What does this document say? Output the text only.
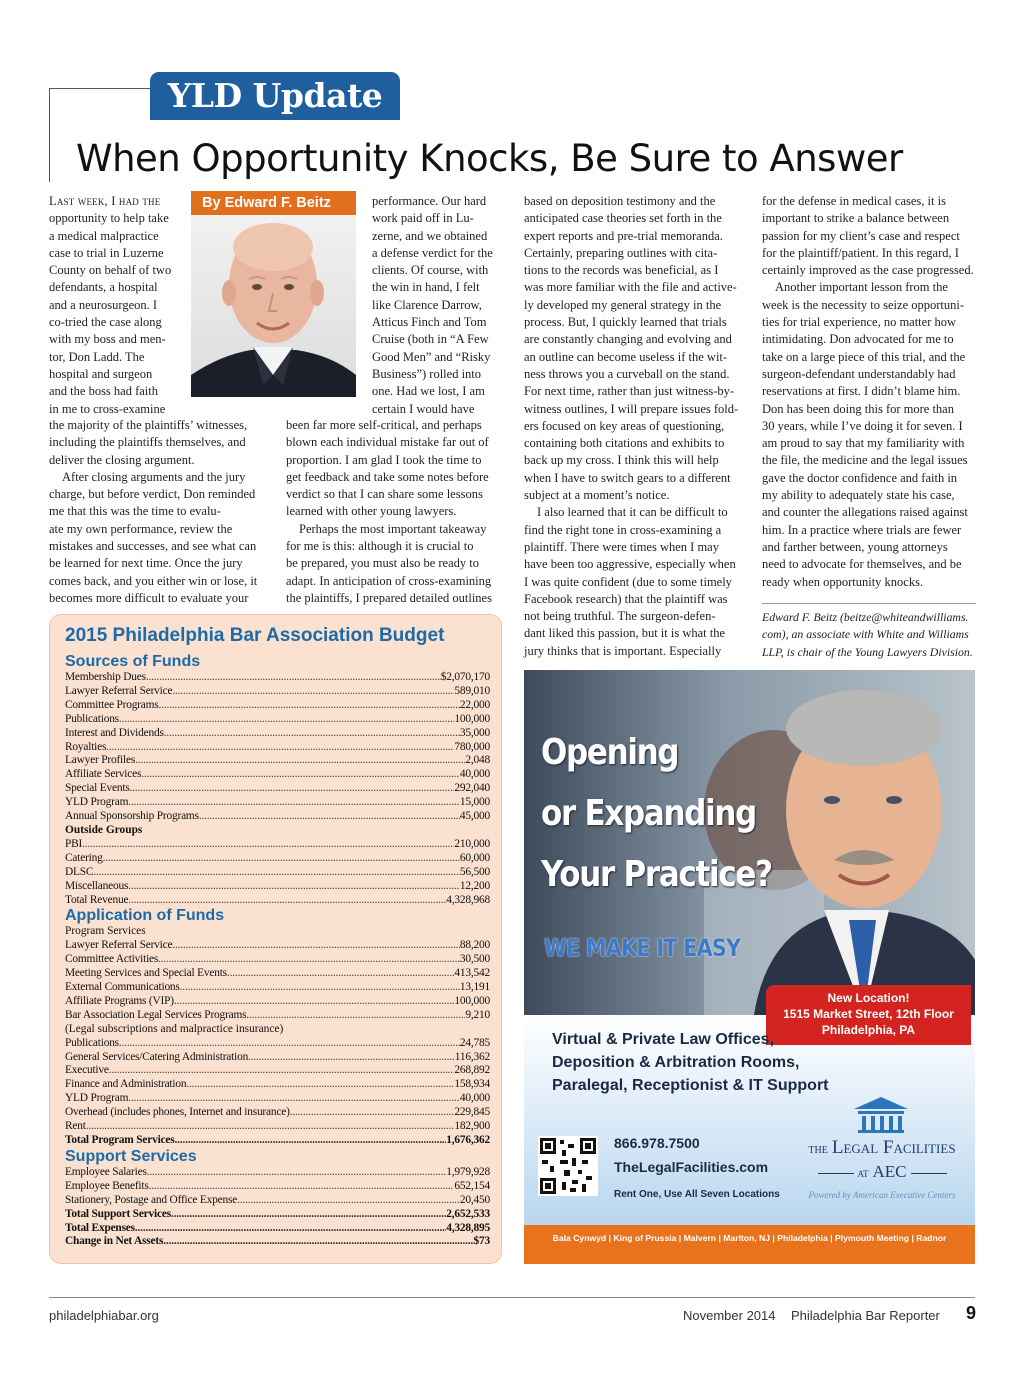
YLD Update
When Opportunity Knocks, Be Sure to Answer
By Edward F. Beitz

Last week, I had the

opportunity to help take

a medical malpractice

case to trial in Luzerne

County on behalf of two

defendants, a hospital

and a neurosurgeon. I

co-tried the case along

with my boss and men-

tor, Don Ladd. The

hospital and surgeon

and the boss had faith

in me to cross-examine

the majority of the plaintiffs’ witnesses,

including the plaintiffs themselves, and

deliver the closing argument.

After closing arguments and the jury

charge, but before verdict, Don reminded

me that this was the time to evalu-

ate my own performance, review the

mistakes and successes, and see what can

be learned for next time. Once the jury

comes back, and you either win or lose, it

becomes more difficult to evaluate your

performance. Our hard

work paid off in Lu-

zerne, and we obtained

a defense verdict for the

clients. Of course, with

the win in hand, I felt

like Clarence Darrow,

Atticus Finch and Tom

Cruise (both in “A Few

Good Men” and “Risky

Business”) rolled into

one. Had we lost, I am

certain I would have

been far more self-critical, and perhaps

blown each individual mistake far out of

proportion. I am glad I took the time to

get feedback and take some notes before

verdict so that I can share some lessons

learned with other young lawyers.

Perhaps the most important takeaway

for me is this: although it is crucial to

be prepared, you must also be ready to

adapt. In anticipation of cross-examining

the plaintiffs, I prepared detailed outlines

based on deposition testimony and the

anticipated case theories set forth in the

expert reports and pre-trial memoranda.

Certainly, preparing outlines with cita-

tions to the records was beneficial, as I

was more familiar with the file and active-

ly developed my general strategy in the

process. But, I quickly learned that trials

are constantly changing and evolving and

an outline can become useless if the wit-

ness throws you a curveball on the stand.

For next time, rather than just witness-by-

witness outlines, I will prepare issues fold-

ers focused on key areas of questioning,

containing both citations and exhibits to

back up my cross. I think this will help

when I have to switch gears to a different

subject at a moment’s notice.

I also learned that it can be difficult to

find the right tone in cross-examining a

plaintiff. There were times when I may

have been too aggressive, especially when

I was quite confident (due to some timely

Facebook research) that the plaintiff was

not being truthful. The surgeon-defen-

dant liked this passion, but it is what the

jury thinks that is important. Especially

for the defense in medical cases, it is

important to strike a balance between

passion for my client’s case and respect

for the plaintiff/patient. In this regard, I

certainly improved as the case progressed.

Another important lesson from the

week is the necessity to seize opportuni-

ties for trial experience, no matter how

intimidating. Don advocated for me to

take on a large piece of this trial, and the

surgeon-defendant understandably had

reservations at first. I didn’t blame him.

Don has been doing this for more than

30 years, while I’ve doing it for seven. I

am proud to say that my familiarity with

the file, the medicine and the legal issues

gave the doctor confidence and faith in

my ability to adequately state his case,

and counter the allegations raised against

him. In a practice where trials are fewer

and farther between, young attorneys

need to advocate for themselves, and be

ready when opportunity knocks.

Edward F. Beitz (beitze@whiteandwilliams.

com), an associate with White and Williams

LLP, is chair of the Young Lawyers Division.

2015 Philadelphia Bar Association Budget
Sources of Funds
Membership Dues .....	$2,070,170
Lawyer Referral Service .....	589,010
Committee Programs .....	22,000
Publications .....	100,000
Interest and Dividends .....	35,000
Royalties .....	780,000
Lawyer Profiles .....	2,048
Affiliate Services .....	40,000
Special Events .....	292,040
YLD Program .....	15,000
Annual Sponsorship Programs .....	45,000
Outside Groups
PBI .....	210,000
Catering .....	60,000
DLSC .....	56,500
Miscellaneous .....	12,200
Total Revenue .....	4,328,968
Application of Funds
Program Services
Lawyer Referral Service .....	88,200
Committee Activities .....	30,500
Meeting Services and Special Events .....	413,542
External Communications .....	13,191
Affiliate Programs (VIP) .....	100,000
Bar Association Legal Services Programs .....	9,210
(Legal subscriptions and malpractice insurance)
Publications .....	24,785
General Services/Catering Administration .....	116,362
Executive .....	268,892
Finance and Administration .....	158,934
YLD Program .....	40,000
Overhead (includes phones, Internet and insurance) .....	229,845
Rent .....	182,900
Total Program Services .....	1,676,362
Support Services
Employee Salaries .....	1,979,928
Employee Benefits .....	652,154
Stationery, Postage and Office Expense .....	20,450
Total Support Services .....	2,652,533
Total Expenses .....	4,328,895
Change in Net Assets .....	$73
Opening
or Expanding
Your Practice?
WE MAKE IT EASY
New Location!
1515 Market Street, 12th Floor
Philadelphia, PA
Virtual & Private Law Offices,
Deposition & Arbitration Rooms,
Paralegal, Receptionist & IT Support
866.978.7500
TheLegalFacilities.com
Rent One, Use All Seven Locations
THE Legal Facilities
AT AEC
Powered by American Executive Centers
Bala Cynwyd | King of Prussia | Malvern | Marlton, NJ | Philadelphia | Plymouth Meeting | Radnor
philadelphiabar.org	November 2014 Philadelphia Bar Reporter 9
